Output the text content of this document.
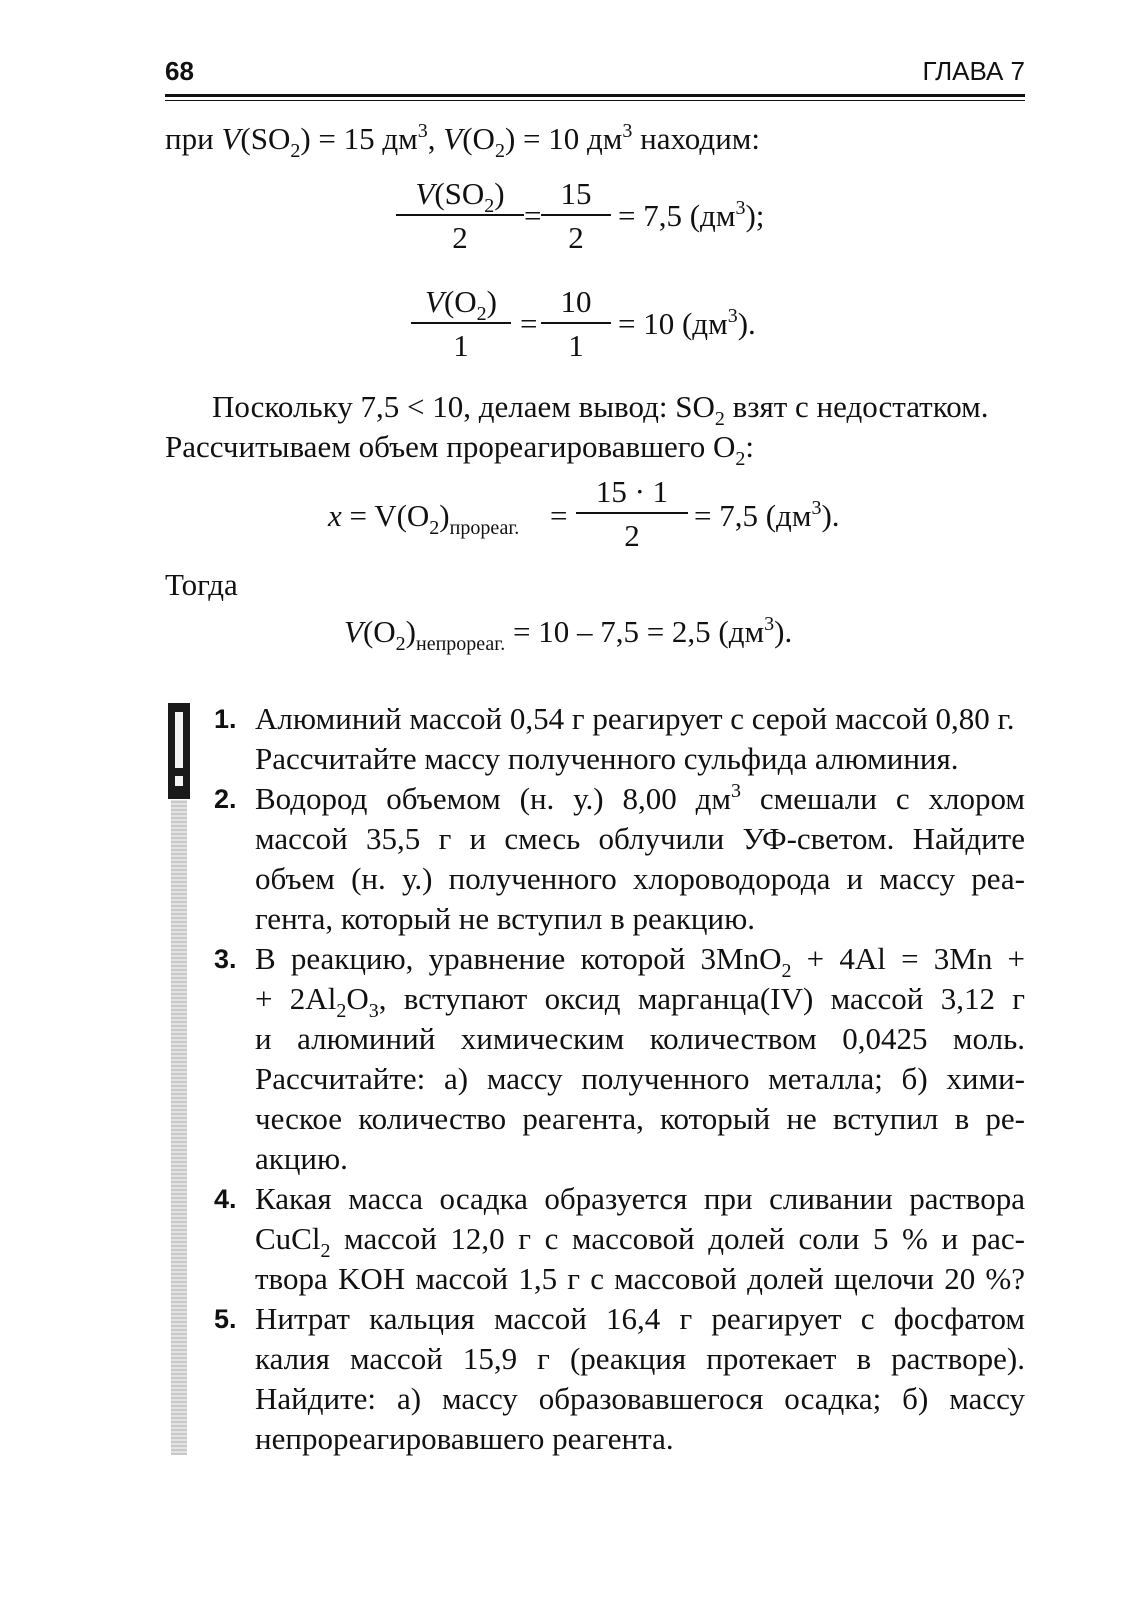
68	ГЛАВА 7
при $V(SO_2) = 15$ $дм^3$, $V(O_2) = 10$ $дм^3$ находим:
$V(SO_2)$
2
=
15
2
= 7,5 $(дм^3)$;
$V(O_2)$
1
=
10
1
= 10 $(дм^3)$.
Поскольку 7,5 < 10, делаем вывод: $SO_2$ взят с недостатком.
Рассчитываем объем прореагировавшего $O_2$:
$x = V(O_2)_{прореаг.}$ =
15 · 1
2
= 7,5 $(дм^3)$.
Тогда
$V(O_2)_{непрореаг.} = 10 - 7,5 = 2,5$ $(дм^3)$.
1. Алюминий массой 0,54 г реагирует с серой массой 0,80 г.
Рассчитайте массу полученного сульфида алюминия.
2. Водород объемом (н. у.) 8,00 $дм^3$ смешали с хлором
массой 35,5 г и смесь облучили УФ-светом. Найдите
объем (н. у.) полученного хлороводорода и массу реа-
гента, который не вступил в реакцию.
3. В реакцию, уравнение которой 3MnO$_2$ + 4Al = 3Mn +
+ $2Al_2O_3$, вступают оксид марганца(IV) массой 3,12 г
и алюминий химическим количеством 0,0425 моль.
Рассчитайте: а) массу полученного металла; б) хими-
ческое количество реагента, который не вступил в ре-
акцию.
4. Какая масса осадка образуется при сливании раствора
CuCl$_2$ массой 12,0 г с массовой долей соли 5 % и рас-
твора KOH массой 1,5 г с массовой долей щелочи 20 %?
5. Нитрат кальция массой 16,4 г реагирует с фосфатом
калия массой 15,9 г (реакция протекает в растворе).
Найдите: а) массу образовавшегося осадка; б) массу
непрореагировавшего реагента.
